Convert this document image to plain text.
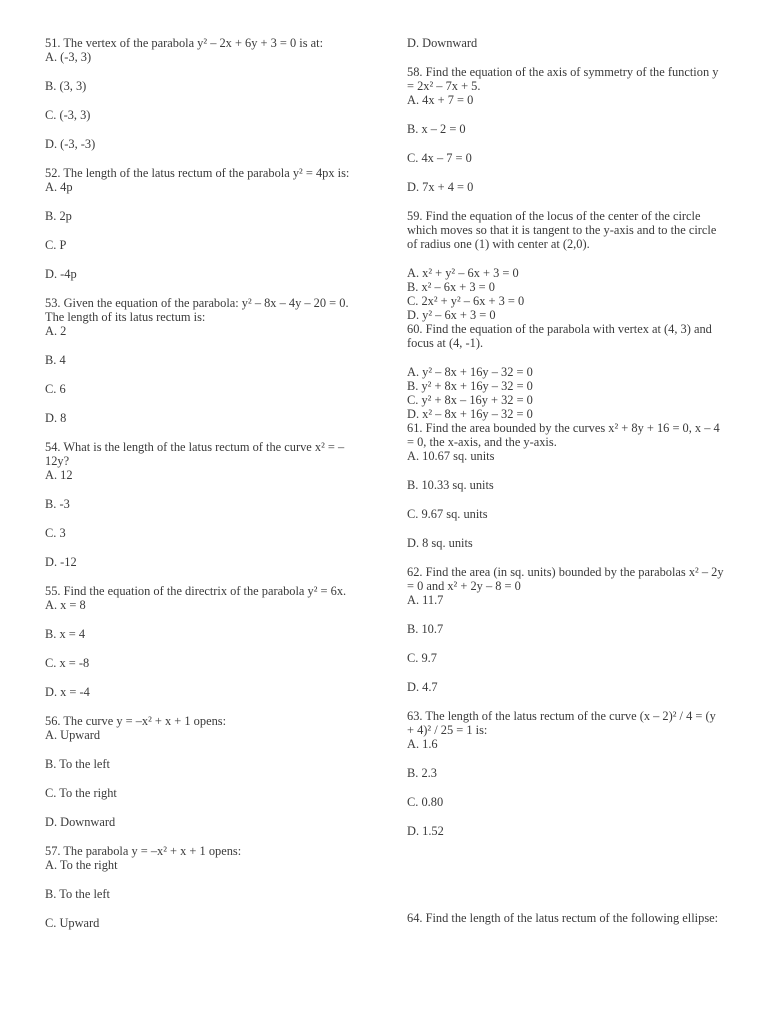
51. The vertex of the parabola y² – 2x + 6y + 3 = 0 is at:

A. (-3, 3)

B. (3, 3)

C. (-3, 3)

D. (-3, -3)

52. The length of the latus rectum of the parabola y² = 4px is:

A. 4p

B. 2p

C. P

D. -4p

53. Given the equation of the parabola: y² – 8x – 4y – 20 = 0. The length of its latus rectum is:

A. 2

B. 4

C. 6

D. 8

54. What is the length of the latus rectum of the curve x² = –12y?

A. 12

B. -3

C. 3

D. -12

55. Find the equation of the directrix of the parabola y² = 6x.

A. x = 8

B. x = 4

C. x = -8

D. x = -4

56. The curve y = –x² + x + 1 opens:

A. Upward

B. To the left

C. To the right

D. Downward

57. The parabola y = –x² + x + 1 opens:

A. To the right

B. To the left

C. Upward

D. Downward

58. Find the equation of the axis of symmetry of the function y = 2x² – 7x + 5.

A. 4x + 7 = 0

B. x – 2 = 0

C. 4x – 7 = 0

D. 7x + 4 = 0

59. Find the equation of the locus of the center of the circle which moves so that it is tangent to the y-axis and to the circle of radius one (1) with center at (2,0).

A. x² + y² – 6x + 3 = 0

B. x² – 6x + 3 = 0

C. 2x² + y² – 6x + 3 = 0

D. y² – 6x + 3 = 0

60. Find the equation of the parabola with vertex at (4, 3) and focus at (4, -1).

A. y² – 8x + 16y – 32 = 0

B. y² + 8x + 16y – 32 = 0

C. y² + 8x – 16y + 32 = 0

D. x² – 8x + 16y – 32 = 0

61. Find the area bounded by the curves x² + 8y + 16 = 0, x – 4 = 0, the x-axis, and the y-axis.

A. 10.67 sq. units

B. 10.33 sq. units

C. 9.67 sq. units

D. 8 sq. units

62. Find the area (in sq. units) bounded by the parabolas x² – 2y = 0 and x² + 2y – 8 = 0

A. 11.7

B. 10.7

C. 9.7

D. 4.7

63. The length of the latus rectum of the curve (x – 2)² / 4 = (y + 4)² / 25 = 1 is:

A. 1.6

B. 2.3

C. 0.80

D. 1.52

64. Find the length of the latus rectum of the following ellipse:
